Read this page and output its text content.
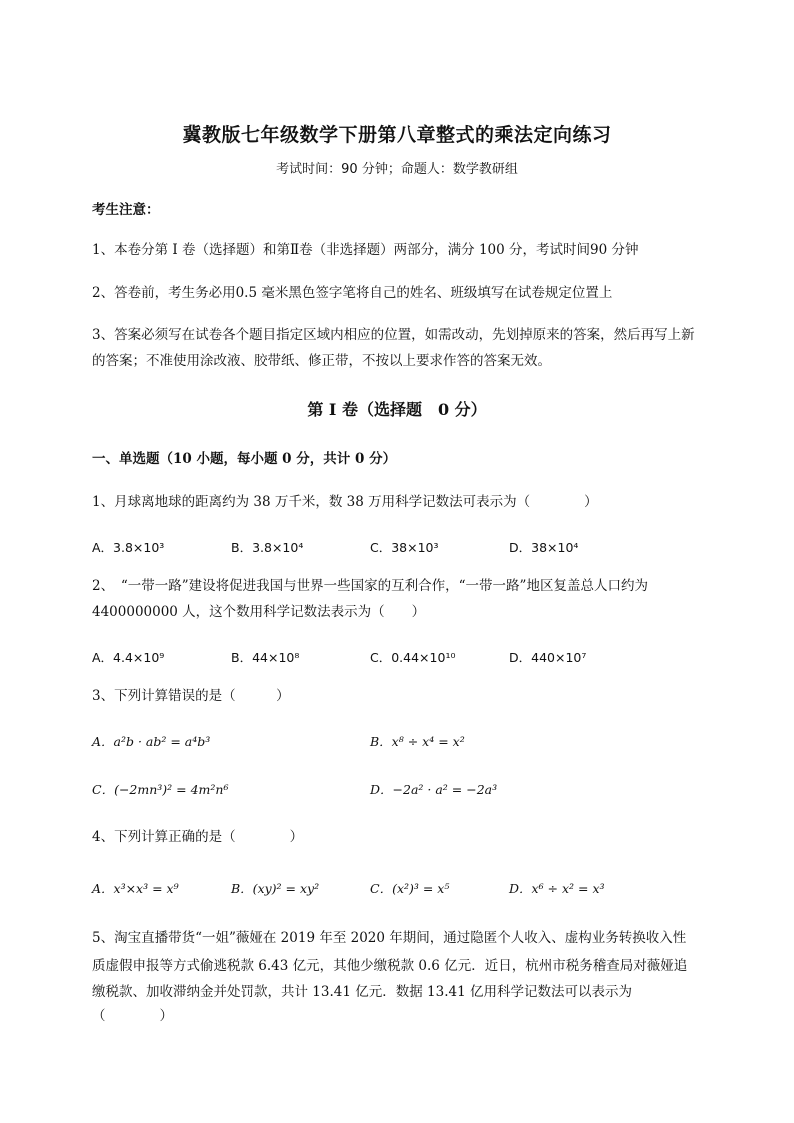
冀教版七年级数学下册第八章整式的乘法定向练习
考试时间：90 分钟；命题人：数学教研组
考生注意：
1、本卷分第 I 卷（选择题）和第Ⅱ卷（非选择题）两部分，满分 100 分，考试时间90 分钟
2、答卷前，考生务必用0.5 毫米黑色签字笔将自己的姓名、班级填写在试卷规定位置上
3、答案必须写在试卷各个题目指定区域内相应的位置，如需改动，先划掉原来的答案，然后再写上新
的答案；不准使用涂改液、胶带纸、修正带，不按以上要求作答的答案无效。
第 I 卷（选择题　0 分）
一、单选题（10 小题，每小题 0 分，共计 0 分）
1、月球离地球的距离约为 38 万千米，数 38 万用科学记数法可表示为（　　　　）
A．3.8×10³	B．3.8×10⁴	C．38×10³	D．38×10⁴
2、　“一带一路”建设将促进我国与世界一些国家的互利合作，“一带一路”地区复盖总人口约为
4400000000 人，这个数用科学记数法表示为（　　）
A．4.4×10⁹	B．44×10⁸	C．0.44×10¹⁰	D．440×10⁷
3、下列计算错误的是（　　　）
A．a²b · ab² = a⁴b³	B．x⁸ ÷ x⁴ = x²
C．(−2mn³)² = 4m²n⁶	D．−2a² · a² = −2a³
4、下列计算正确的是（　　　　）
A．x³×x³ = x⁹	B．(xy)² = xy²	C．(x²)³ = x⁵	D．x⁶ ÷ x² = x³
5、淘宝直播带货“一姐”薇娅在 2019 年至 2020 年期间，通过隐匿个人收入、虚构业务转换收入性
质虚假申报等方式偷逃税款 6.43 亿元，其他少缴税款 0.6 亿元．近日，杭州市税务稽查局对薇娅追
缴税款、加收滞纳金并处罚款，共计 13.41 亿元．数据 13.41 亿用科学记数法可以表示为
（　　　　）
